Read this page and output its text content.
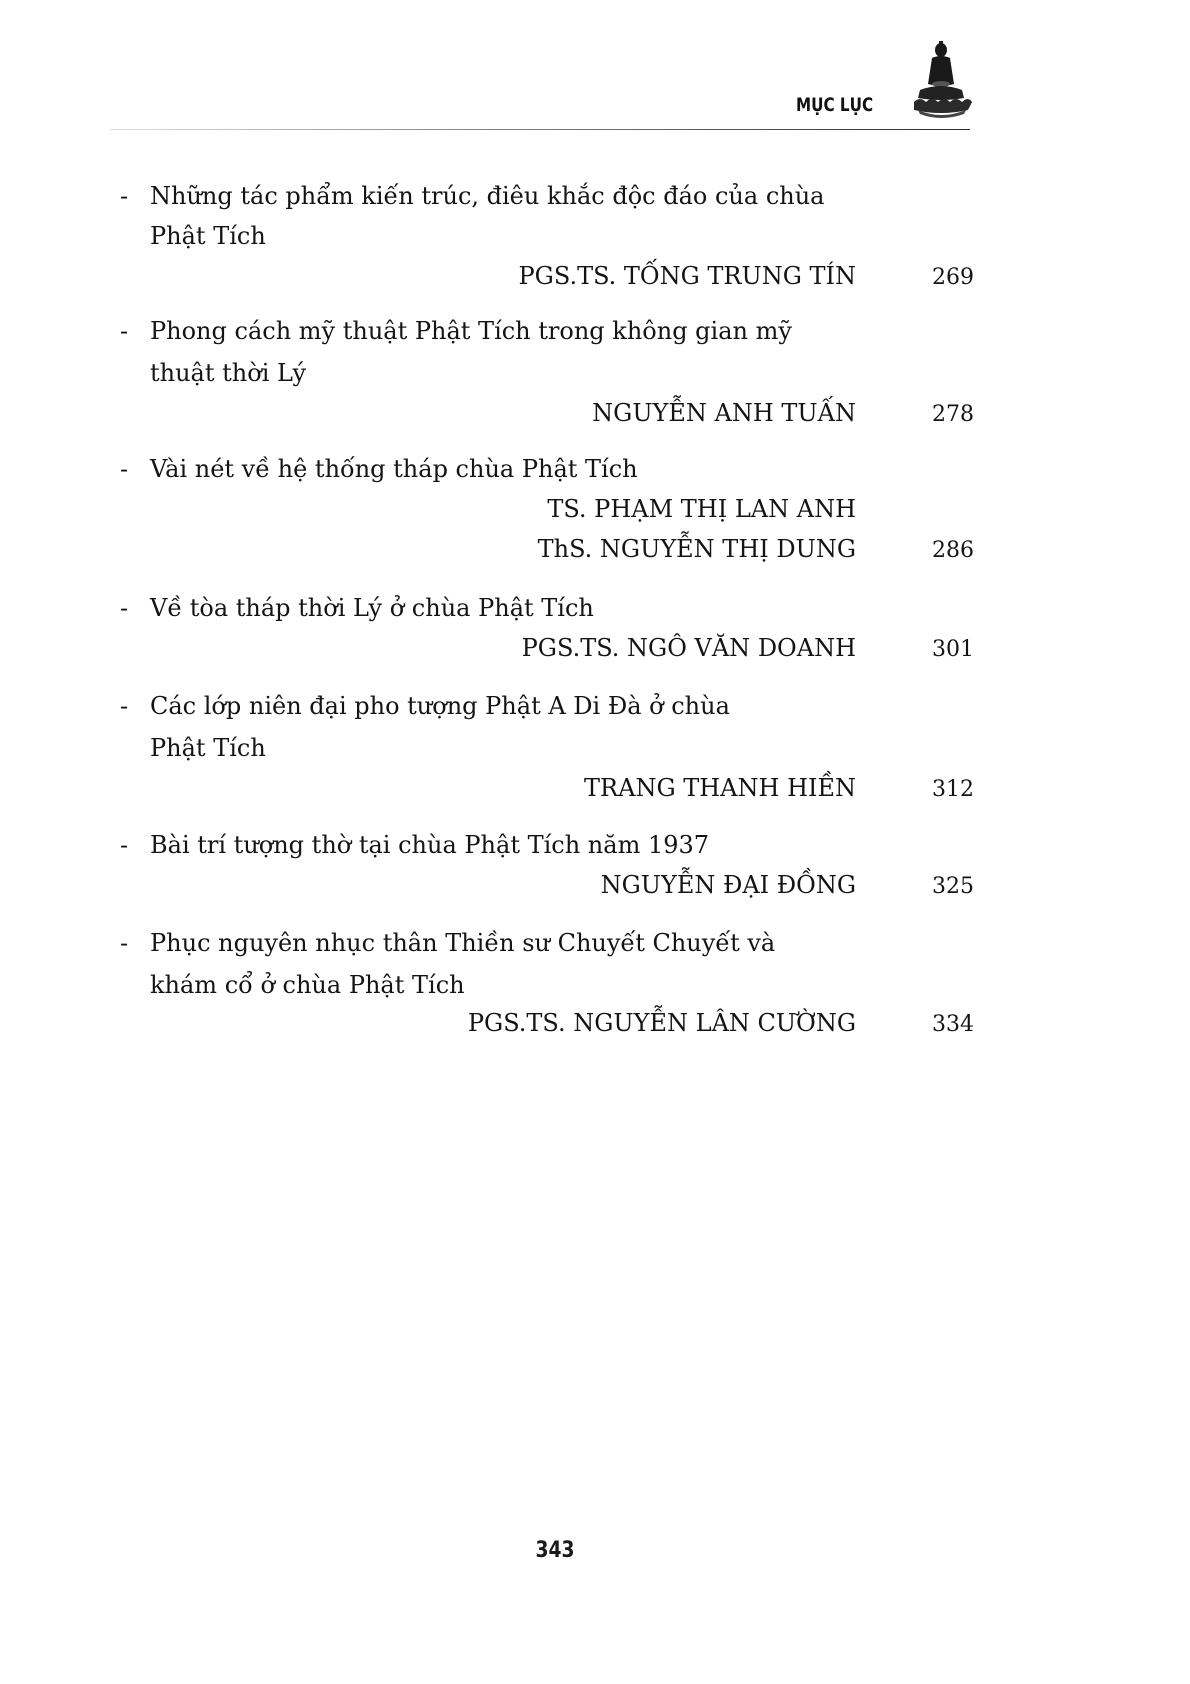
MỤC LỤC
- Những tác phẩm kiến trúc, điêu khắc độc đáo của chùa
Phật Tích
PGS.TS. TỐNG TRUNG TÍN	269
- Phong cách mỹ thuật Phật Tích trong không gian mỹ
thuật thời Lý
NGUYỄN ANH TUẤN	278
- Vài nét về hệ thống tháp chùa Phật Tích
TS. PHẠM THỊ LAN ANH
ThS. NGUYỄN THỊ DUNG	286
- Về tòa tháp thời Lý ở chùa Phật Tích
PGS.TS. NGÔ VĂN DOANH	301
- Các lớp niên đại pho tượng Phật A Di Đà ở chùa
Phật Tích
TRANG THANH HIỀN	312
- Bài trí tượng thờ tại chùa Phật Tích năm 1937
NGUYỄN ĐẠI ĐỒNG	325
- Phục nguyên nhục thân Thiền sư Chuyết Chuyết và
khám cổ ở chùa Phật Tích
PGS.TS. NGUYỄN LÂN CƯỜNG	334
343
